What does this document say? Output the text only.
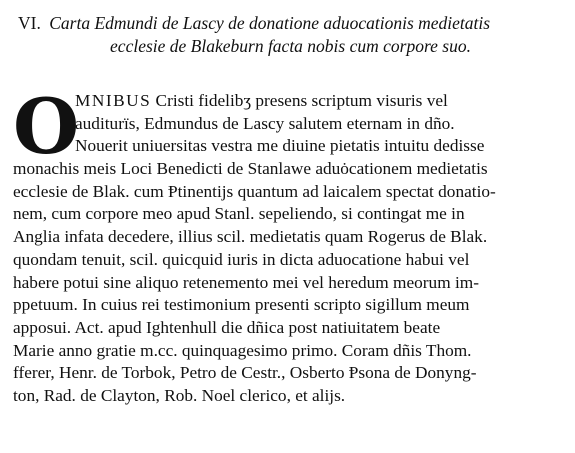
VI. Carta Edmundi de Lascy de donatione aduocationis medietatis
ecclesie de Blakeburn facta nobis cum corpore suo.
O
MNIBUS Cristi fidelibʒ presens scriptum visuris vel
auditurïs, Edmundus de Lascy salutem eternam in dño.
Nouerit uniuersitas vestra me diuine pietatis intuitu dedisse
monachis meis Loci Benedicti de Stanlawe aduȯcationem medietatis
ecclesie de Blak. cum Ᵽtinentijs quantum ad laicalem spectat donatio-
nem, cum corpore meo apud Stanl. sepeliendo, si contingat me in
Anglia infata decedere, illius scil. medietatis quam Rogerus de Blak.
quondam tenuit, scil. quicquid iuris in dicta aduocatione habui vel
habere potui sine aliquo retenemento mei vel heredum meorum im-
ppetuum. In cuius rei testimonium presenti scripto sigillum meum
apposui. Act. apud Ightenhull die dñica post natiuitatem beate
Marie anno gratie m.cc. quinquagesimo primo. Coram dñis Thom.
fferer, Henr. de Torbok, Petro de Cestr., Osberto Ᵽsona de Donyng-
ton, Rad. de Clayton, Rob. Noel clerico, et alijs.
